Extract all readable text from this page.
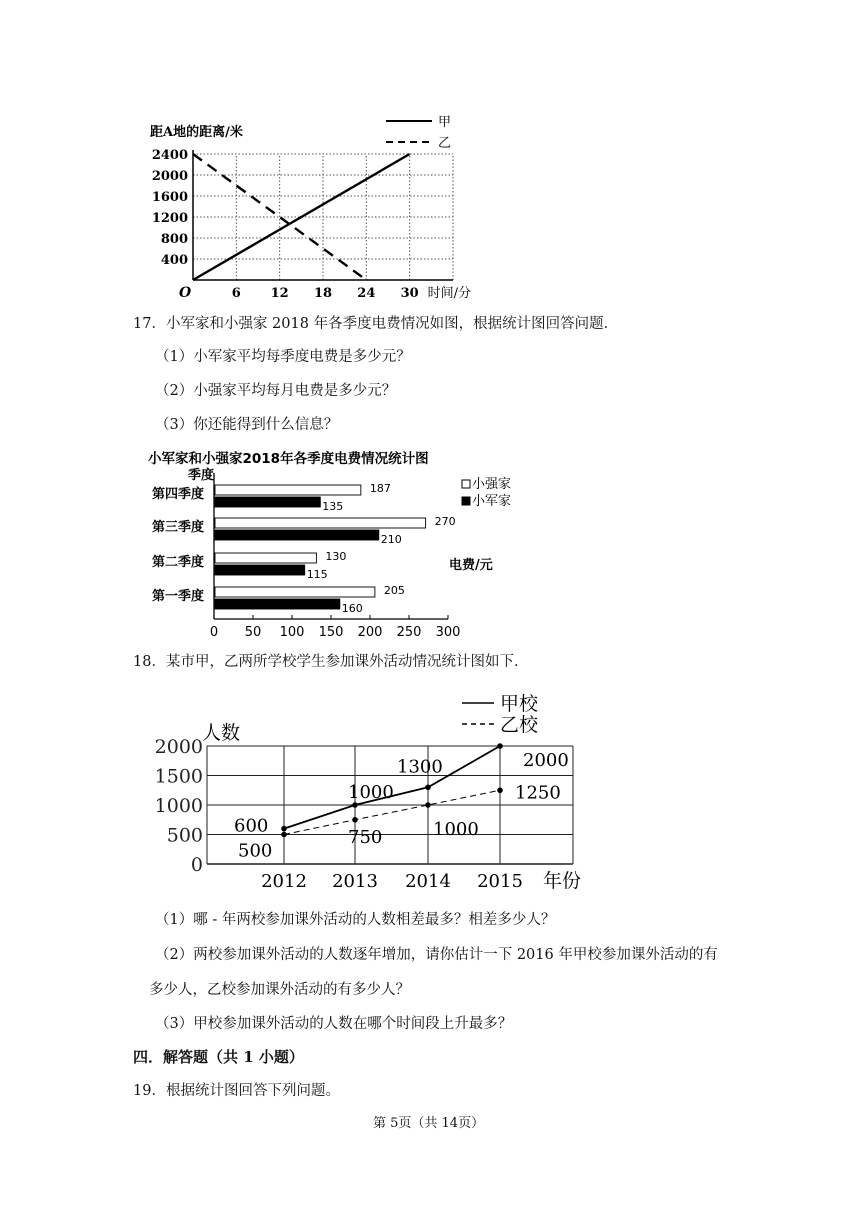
距A地的距离/米
400
800
1200
1600
2000
2400
6 12 18 24 30
O	时间/分
甲
乙
17．小军家和小强家 2018 年各季度电费情况如图，根据统计图回答问题．
（1）小军家平均每季度电费是多少元？
（2）小强家平均每月电费是多少元？
（3）你还能得到什么信息？
小军家和小强家2018年各季度电费情况统计图
季度
0 50 100 150 200 250 300
第一季度	205
160
第二季度	130
115
第三季度	270
210
第四季度	187
135
小强家
小军家
电费/元
18．某市甲，乙两所学校学生参加课外活动情况统计图如下．
人数
0
500
1000
1500
2000
2012 2013 2014 2015 年份
600
1000
1300	2000
甲校
500
750	1000
1250
乙校
（1）哪 - 年两校参加课外活动的人数相差最多？相差多少人？
（2）两校参加课外活动的人数逐年增加，请你估计一下 2016 年甲校参加课外活动的有
多少人，乙校参加课外活动的有多少人？
（3）甲校参加课外活动的人数在哪个时间段上升最多？
四．解答题（共 1 小题）
19．根据统计图回答下列问题。
第 5页（共 14页）
